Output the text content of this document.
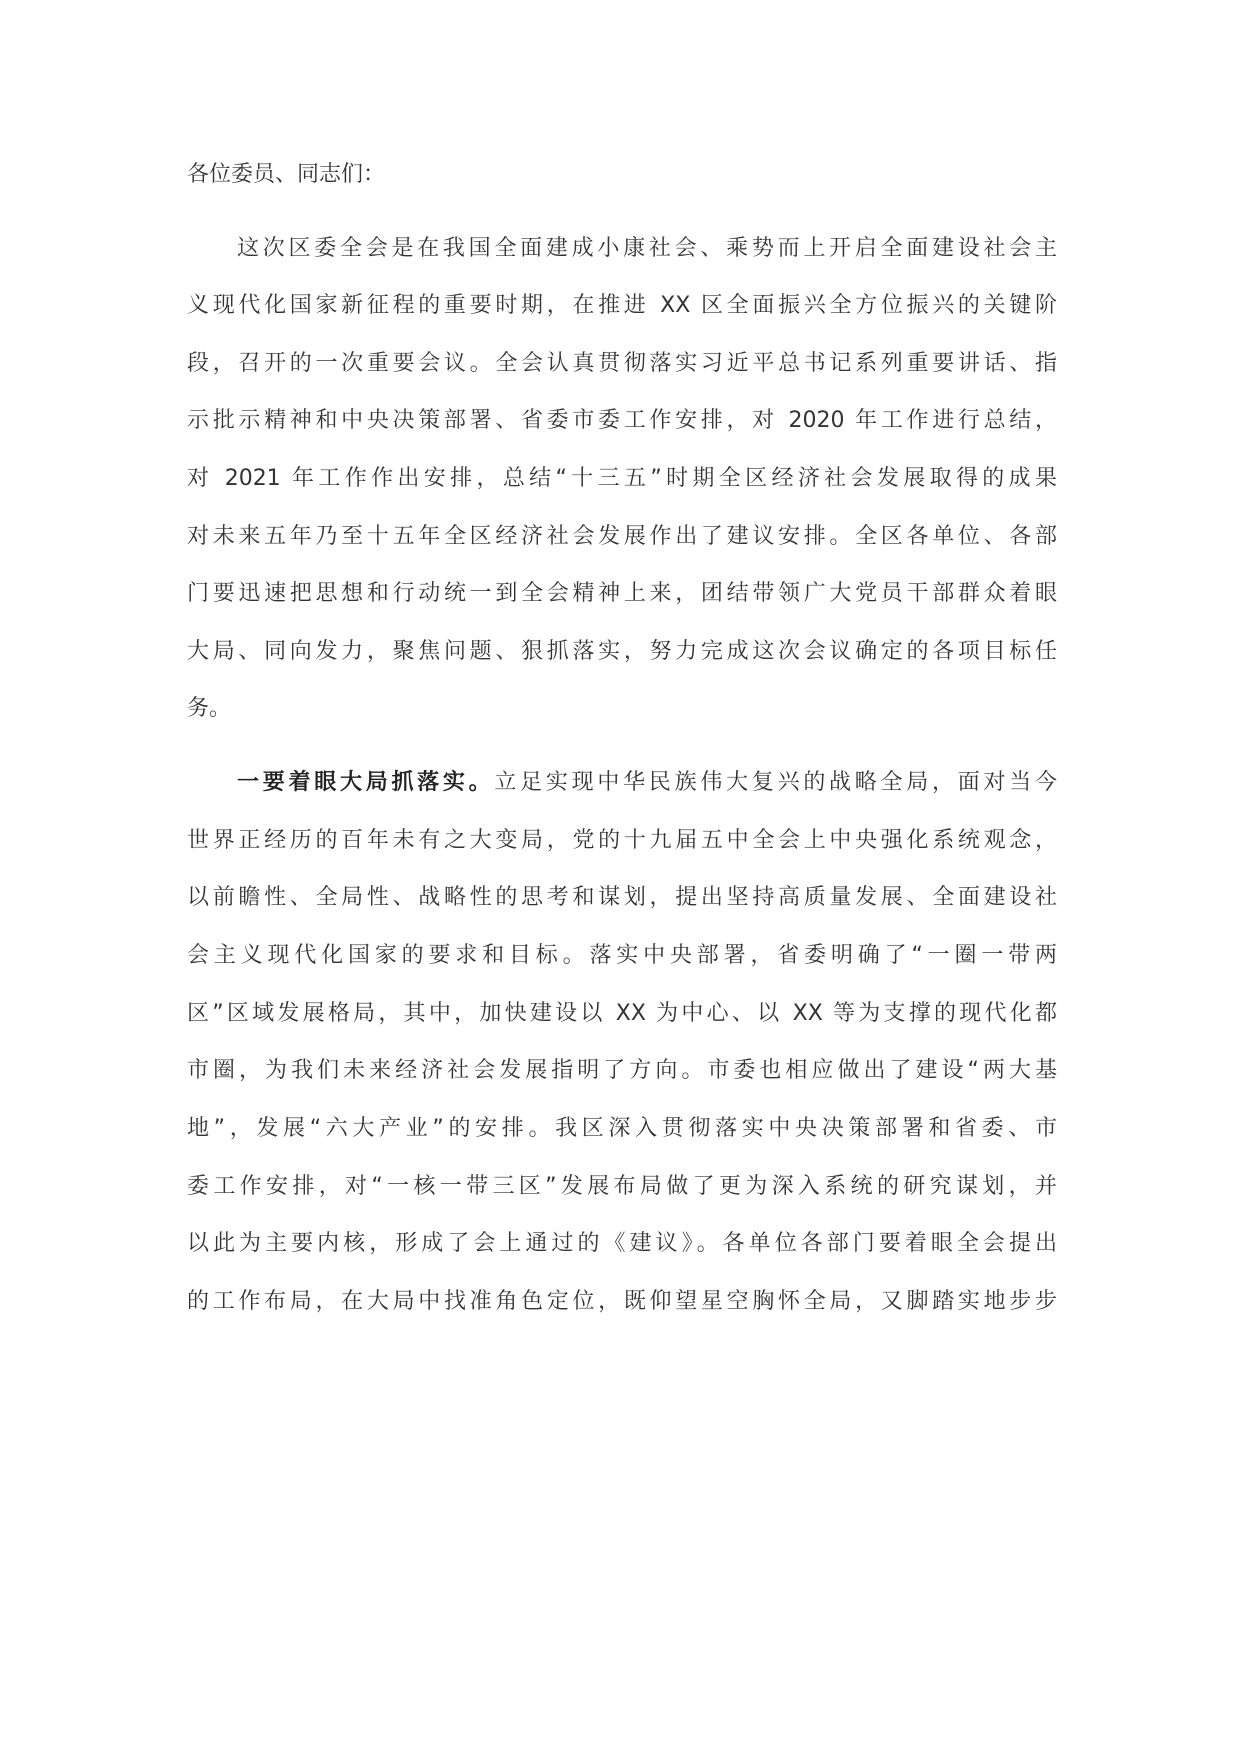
各位委员、同志们：
这次区委全会是在我国全面建成小康社会、乘势而上开启全面建设社会主
义现代化国家新征程的重要时期，在推进 XX 区全面振兴全方位振兴的关键阶
段，召开的一次重要会议。全会认真贯彻落实习近平总书记系列重要讲话、指
示批示精神和中央决策部署、省委市委工作安排，对 2020 年工作进行总结，
对 2021 年工作作出安排，总结“十三五”时期全区经济社会发展取得的成果
对未来五年乃至十五年全区经济社会发展作出了建议安排。全区各单位、各部
门要迅速把思想和行动统一到全会精神上来，团结带领广大党员干部群众着眼
大局、同向发力，聚焦问题、狠抓落实，努力完成这次会议确定的各项目标任
务。
一要着眼大局抓落实。立足实现中华民族伟大复兴的战略全局，面对当今
世界正经历的百年未有之大变局，党的十九届五中全会上中央强化系统观念，
以前瞻性、全局性、战略性的思考和谋划，提出坚持高质量发展、全面建设社
会主义现代化国家的要求和目标。落实中央部署，省委明确了“一圈一带两
区”区域发展格局，其中，加快建设以 XX 为中心、以 XX 等为支撑的现代化都
市圈，为我们未来经济社会发展指明了方向。市委也相应做出了建设“两大基
地”，发展“六大产业”的安排。我区深入贯彻落实中央决策部署和省委、市
委工作安排，对“一核一带三区”发展布局做了更为深入系统的研究谋划，并
以此为主要内核，形成了会上通过的《建议》。各单位各部门要着眼全会提出
的工作布局，在大局中找准角色定位，既仰望星空胸怀全局，又脚踏实地步步
